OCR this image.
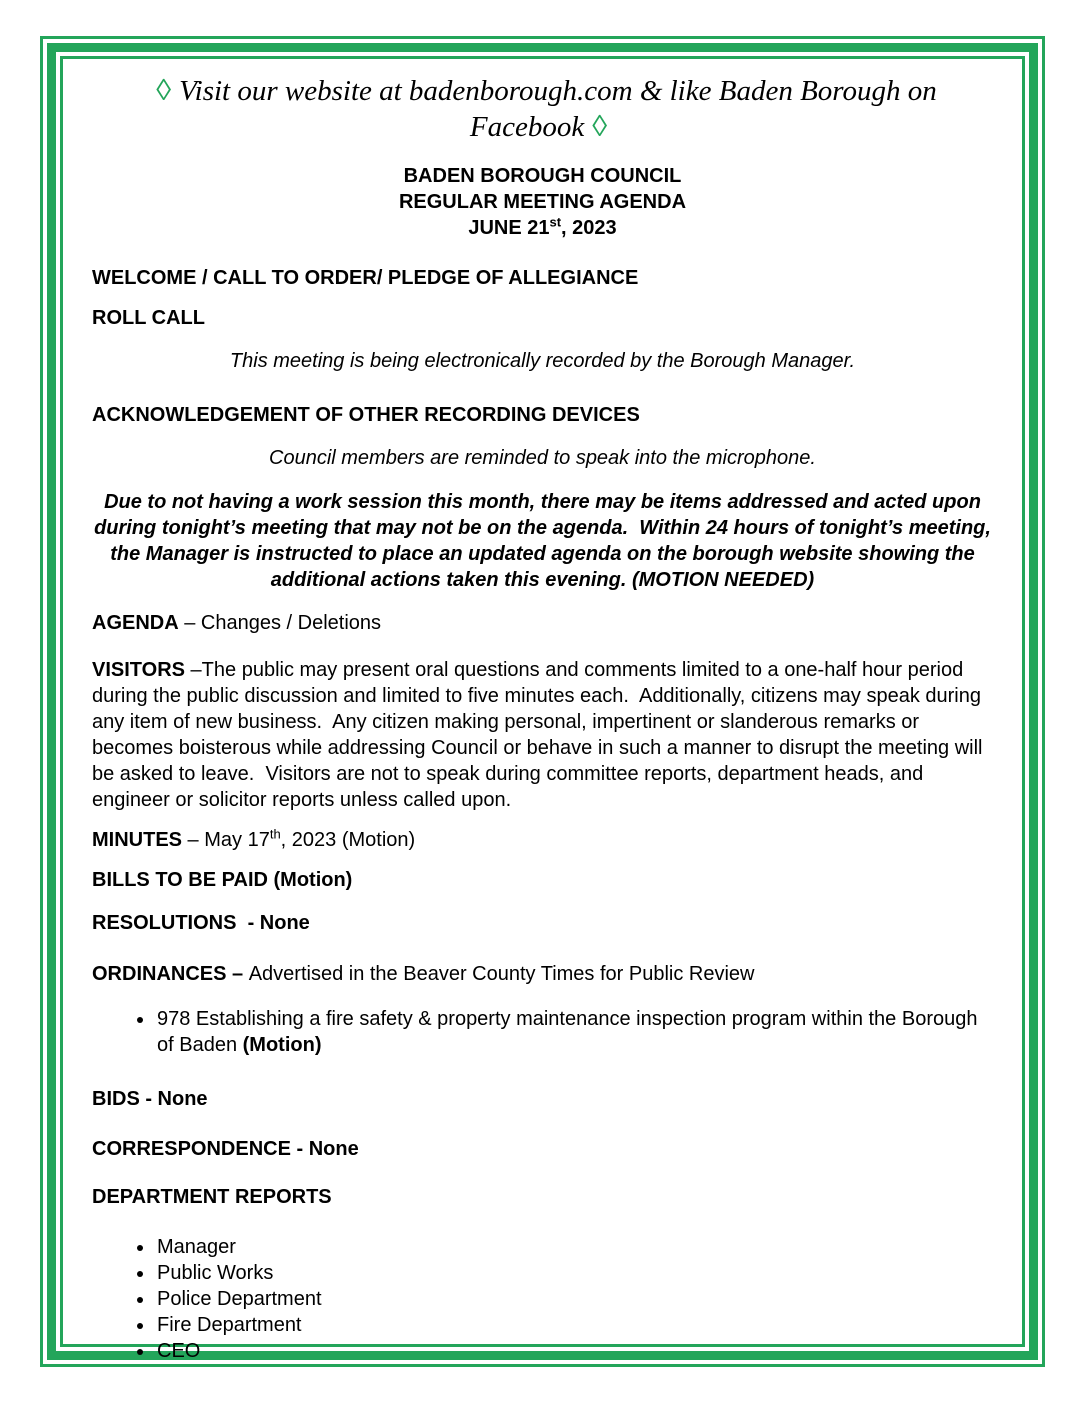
◊ Visit our website at badenborough.com & like Baden Borough on Facebook ◊
BADEN BOROUGH COUNCIL
REGULAR MEETING AGENDA
JUNE 21st, 2023

WELCOME / CALL TO ORDER/ PLEDGE OF ALLEGIANCE

ROLL CALL

This meeting is being electronically recorded by the Borough Manager.

ACKNOWLEDGEMENT OF OTHER RECORDING DEVICES

Council members are reminded to speak into the microphone.

Due to not having a work session this month, there may be items addressed and acted upon during tonight’s meeting that may not be on the agenda.  Within 24 hours of tonight’s meeting, the Manager is instructed to place an updated agenda on the borough website showing the additional actions taken this evening. (MOTION NEEDED)

AGENDA – Changes / Deletions

VISITORS –The public may present oral questions and comments limited to a one-half hour period during the public discussion and limited to five minutes each.  Additionally, citizens may speak during any item of new business.  Any citizen making personal, impertinent or slanderous remarks or becomes boisterous while addressing Council or behave in such a manner to disrupt the meeting will be asked to leave.  Visitors are not to speak during committee reports, department heads, and engineer or solicitor reports unless called upon.

MINUTES – May 17th, 2023 (Motion)

BILLS TO BE PAID (Motion)

RESOLUTIONS  - None

ORDINANCES – Advertised in the Beaver County Times for Public Review

• 978 Establishing a fire safety & property maintenance inspection program within the Borough of Baden (Motion)

BIDS - None

CORRESPONDENCE - None

DEPARTMENT REPORTS

• Manager
• Public Works
• Police Department
• Fire Department
• CEO
